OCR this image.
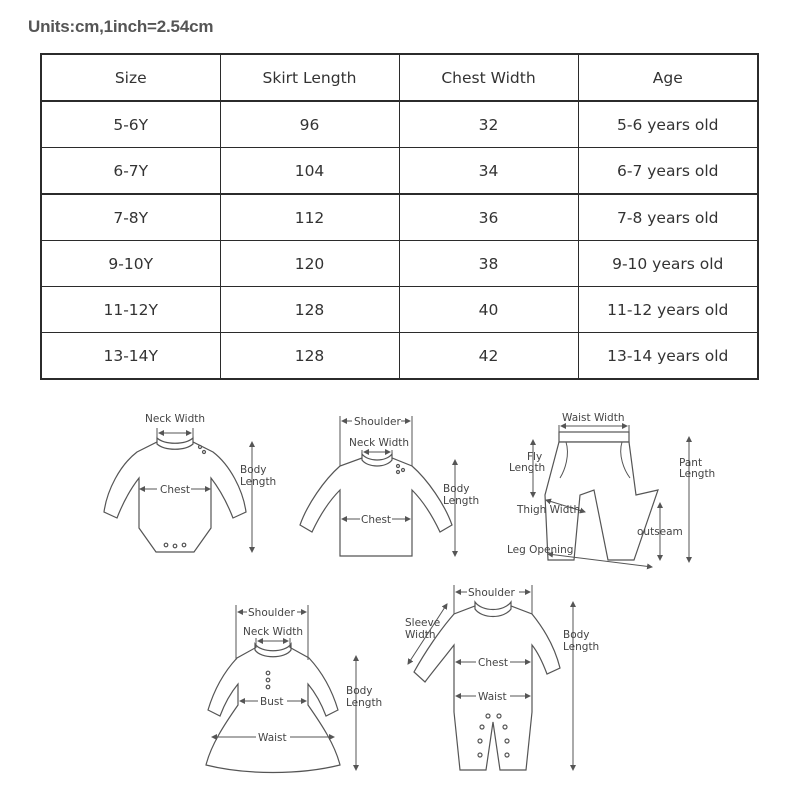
Units:cm,1inch=2.54cm
Size	Skirt Length	Chest Width	Age
5-6Y	96	32	5-6 years old
6-7Y	104	34	6-7 years old
7-8Y	112	36	7-8 years old
9-10Y	120	38	9-10 years old
11-12Y	128	40	11-12 years old
13-14Y	128	42	13-14 years old
Neck Width
Chest
Body
Length
Shoulder
Neck Width
Chest
Body
Length
Waist Width
Fly
Length	Pant
Length
Thigh Width
outseam
Leg Opening
Shoulder
Neck Width
Bust
Waist
Body
Length
Shoulder
Sleeve
Width
Chest
Waist
Body
Length
